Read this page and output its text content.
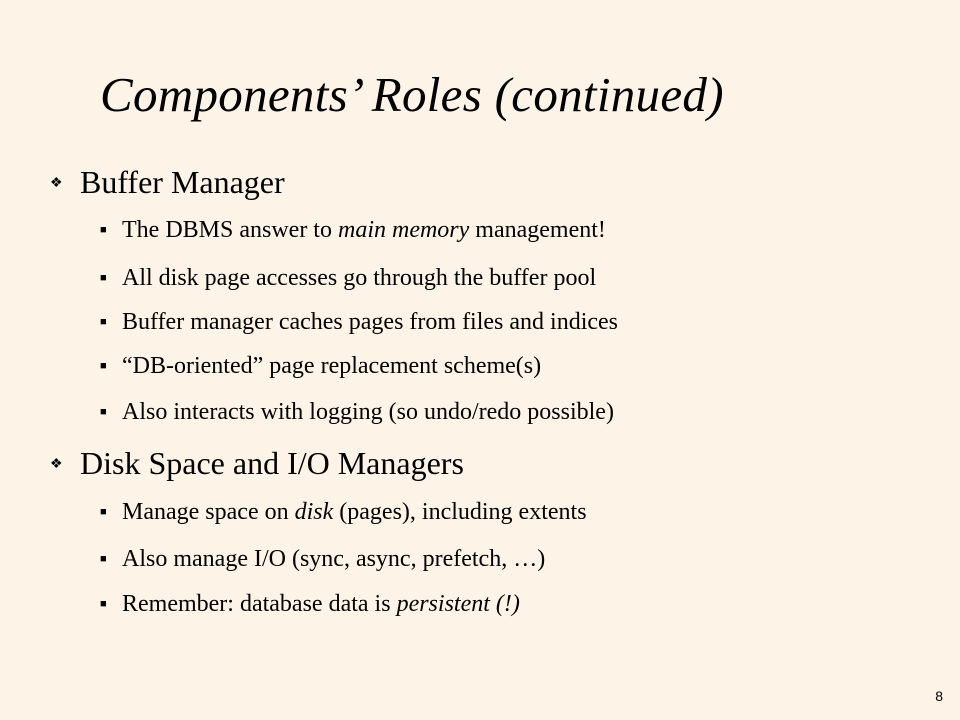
Components’ Roles (continued)
❖ Buffer Manager
■ The DBMS answer to main memory management!
■ All disk page accesses go through the buffer pool
■ Buffer manager caches pages from files and indices
■ “DB-oriented” page replacement scheme(s)
■ Also interacts with logging (so undo/redo possible)
❖ Disk Space and I/O Managers
■ Manage space on disk (pages), including extents
■ Also manage I/O (sync, async, prefetch, …)
■ Remember: database data is persistent (!)
8
